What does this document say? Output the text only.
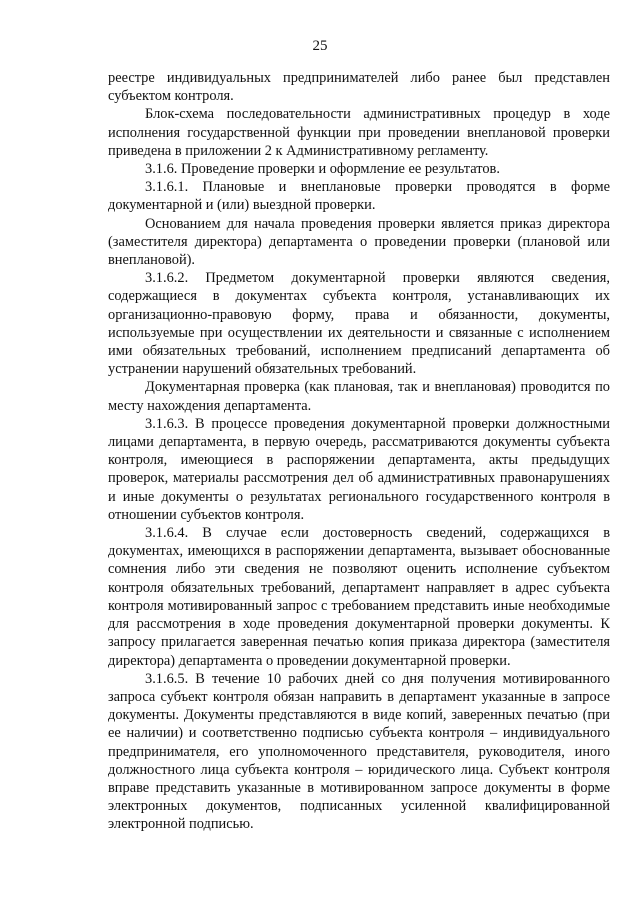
25

реестре индивидуальных предпринимателей либо ранее был представлен субъектом контроля.

Блок-схема последовательности административных процедур в ходе исполнения государственной функции при проведении внеплановой проверки приведена в приложении 2 к Административному регламенту.

3.1.6. Проведение проверки и оформление ее результатов.

3.1.6.1. Плановые и внеплановые проверки проводятся в форме документарной и (или) выездной проверки.

Основанием для начала проведения проверки является приказ директора (заместителя директора) департамента о проведении проверки (плановой или внеплановой).

3.1.6.2. Предметом документарной проверки являются сведения, содержащиеся в документах субъекта контроля, устанавливающих их организационно-правовую форму, права и обязанности, документы, используемые при осуществлении их деятельности и связанные с исполнением ими обязательных требований, исполнением предписаний департамента об устранении нарушений обязательных требований.

Документарная проверка (как плановая, так и внеплановая) проводится по месту нахождения департамента.

3.1.6.3. В процессе проведения документарной проверки должностными лицами департамента, в первую очередь, рассматриваются документы субъекта контроля, имеющиеся в распоряжении департамента, акты предыдущих проверок, материалы рассмотрения дел об административных правонарушениях и иные документы о результатах регионального государственного контроля в отношении субъектов контроля.

3.1.6.4. В случае если достоверность сведений, содержащихся в документах, имеющихся в распоряжении департамента, вызывает обоснованные сомнения либо эти сведения не позволяют оценить исполнение субъектом контроля обязательных требований, департамент направляет в адрес субъекта контроля мотивированный запрос с требованием представить иные необходимые для рассмотрения в ходе проведения документарной проверки документы. К запросу прилагается заверенная печатью копия приказа директора (заместителя директора) департамента о проведении документарной проверки.

3.1.6.5. В течение 10 рабочих дней со дня получения мотивированного запроса субъект контроля обязан направить в департамент указанные в запросе документы. Документы представляются в виде копий, заверенных печатью (при ее наличии) и соответственно подписью субъекта контроля – индивидуального предпринимателя, его уполномоченного представителя, руководителя, иного должностного лица субъекта контроля – юридического лица. Субъект контроля вправе представить указанные в мотивированном запросе документы в форме электронных документов, подписанных усиленной квалифицированной электронной подписью.
